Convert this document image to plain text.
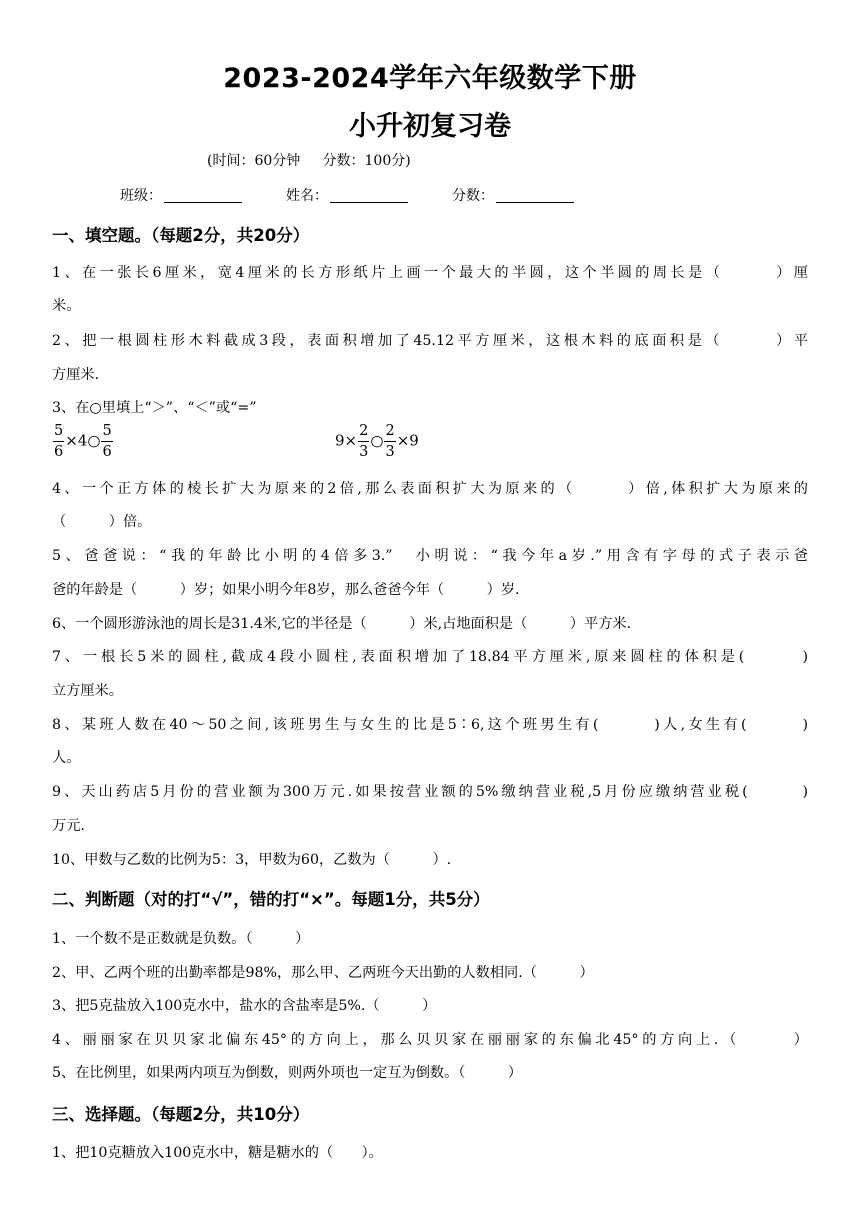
2023-2024学年六年级数学下册
小升初复习卷
(时间：60分钟     分数：100分)
班级：	姓名：	分数：
一、填空题。（每题2分，共20分）
1、在一张长6厘米，宽4厘米的长方形纸片上画一个最大的半圆，这个半圆的周长是（　　　）厘
米。
2、把一根圆柱形木料截成3段，表面积增加了45.12平方厘米，这根木料的底面积是（　　　）平
方厘米.
3、在○里填上“＞”、“＜”或“=”
$\frac{5}{6}$ ×4○ $\frac{5}{6}$	$9\times \frac{2}{3}$ ○ $\frac{2}{3} \times 9$
4、一个正方体的棱长扩大为原来的2倍,那么表面积扩大为原来的（　　　）倍,体积扩大为原来的
（　　　）倍。
5、爸爸说：“我的年龄比小明的4倍多3.”　小明说：“我今年a岁.”用含有字母的式子表示爸
爸的年龄是（　　　）岁；如果小明今年8岁，那么爸爸今年（　　　）岁.
6、一个圆形游泳池的周长是31.4米,它的半径是（　　　）米,占地面积是（　　　）平方米.
7、一根长5米的圆柱,截成4段小圆柱,表面积增加了18.84平方厘米,原来圆柱的体积是(　　　)
立方厘米。
8、某班人数在40～50之间,该班男生与女生的比是5∶6,这个班男生有(　　　)人,女生有(　　　)
人。
9、天山药店5月份的营业额为300万元.如果按营业额的5%缴纳营业税,5月份应缴纳营业税(　　　)
万元.
10、甲数与乙数的比例为5：3，甲数为60，乙数为（　　　）.
二、判断题（对的打“√”，错的打“×”。每题1分，共5分）
1、一个数不是正数就是负数。（　　　）
2、甲、乙两个班的出勤率都是98%，那么甲、乙两班今天出勤的人数相同.（　　　）
3、把5克盐放入100克水中，盐水的含盐率是5%.（　　　）
4、丽丽家在贝贝家北偏东45°的方向上，那么贝贝家在丽丽家的东偏北45°的方向上.（　　　）
5、在比例里，如果两内项互为倒数，则两外项也一定互为倒数。（　　　）
三、选择题。（每题2分，共10分）
1、把10克糖放入100克水中，糖是糖水的（　　）。
